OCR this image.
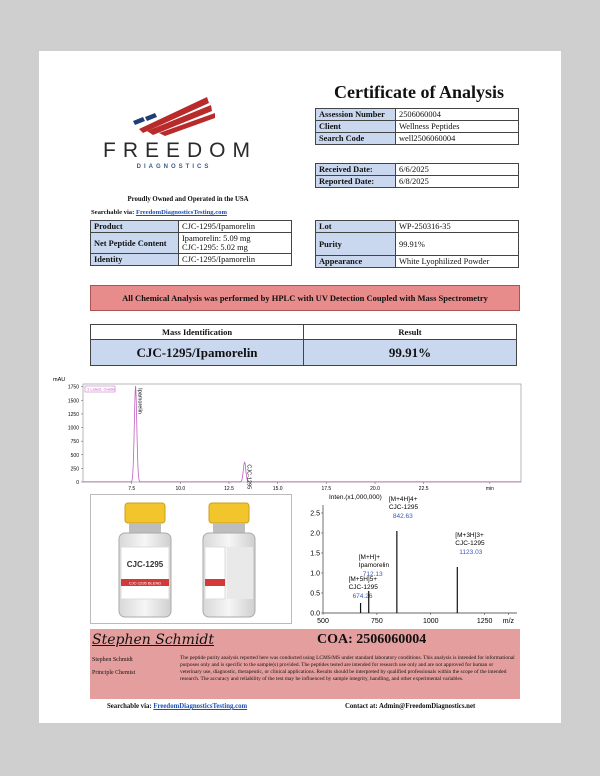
FREEDOM
DIAGNOSTICS
Proudly Owned and Operated in the USA
Searchable via: FreedomDiagnosticsTesting.com
Certificate of Analysis
Assession Number	2506060004
Client	Wellness Peptides
Search Code	well2506060004
Received Date:	6/6/2025
Reported Date:	6/8/2025
Product	CJC-1295/Ipamorelin
Net Peptide Content	Ipamorelin: 5.09 mg
CJC-1295: 5.02 mg

Identity	CJC-1295/Ipamorelin
Lot	WP-250316-35
Purity	99.91%
Appearance	White Lyophilized Powder
All Chemical Analysis was performed by HPLC with UV Detection Coupled with Mass Spectrometry
Mass Identification	Result
CJC-1295/Ipamorelin	99.91%
mAU
1 Latest, Gradie
1750
1500
1250
1000
750
500
250
0
7.5	10.0	12.5	15.0	17.5	20.0	22.5	min
Ipamorelin
CJC-1295
CJC-1295
CJC-1295 BLEND
Inten.(x1,000,000)
2.5
2.0
1.5
1.0
0.5
0.0
500	750	1000	1250 m/z
[M+5H]5+
CJC-1295
674.26
[M+H]+
Ipamorelin
712.13
[M+4H]4+
CJC-1295
842.63
[M+3H]3+
CJC-1295
1123.03
Stephen Schmidt	COA: 2506060004
Stephen Schmidt
Principle Chemist
The peptide purity analysis reported here was conducted using LCMS/MS under standard laboratory conditions. This analysis is intended for informational purposes only and is specific to the sample(s) provided. The peptides tested are intended for research use only and are not approved for human or veterinary use, diagnostic, therapeutic, or clinical applications. Results should be interpreted by qualified professionals within the scope of the intended research. The accuracy and reliability of the test may be influenced by sample integrity, handling, and other experimental variables.
Searchable via: FreedomDiagnosticsTesting.com	Contact at: Admin@FreedomDiagnostics.net
